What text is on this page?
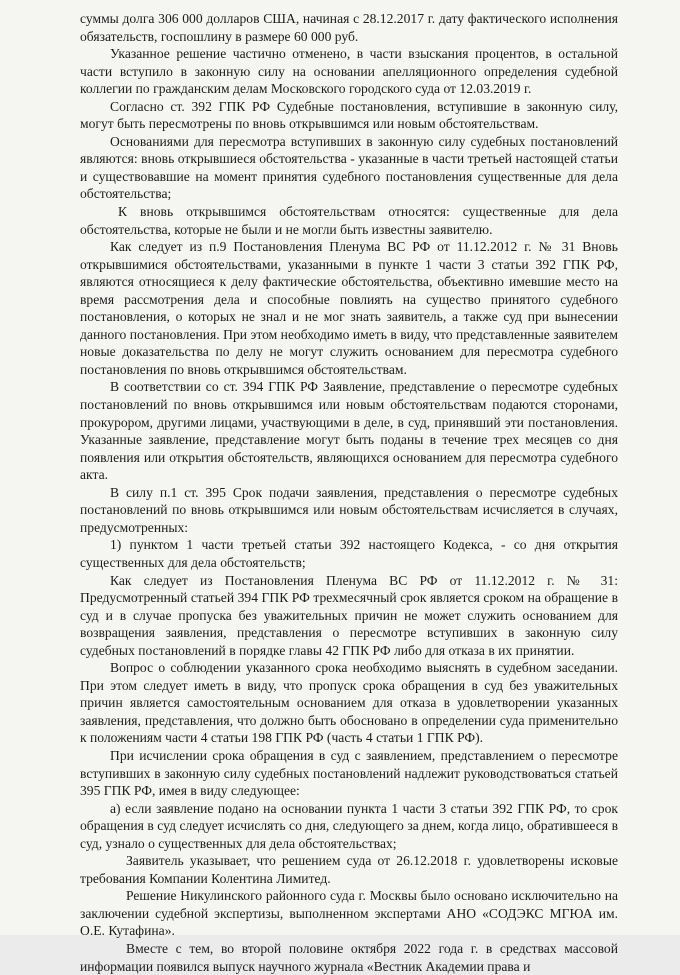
суммы долга 306 000 долларов США, начиная с 28.12.2017 г. дату фактического исполнения обязательств, госпошлину в размере 60 000 руб.

Указанное решение частично отменено, в части взыскания процентов, в остальной части вступило в законную силу на основании апелляционного определения судебной коллегии по гражданским делам Московского городского суда от 12.03.2019 г.

Согласно ст. 392 ГПК РФ Судебные постановления, вступившие в законную силу, могут быть пересмотрены по вновь открывшимся или новым обстоятельствам.

Основаниями для пересмотра вступивших в законную силу судебных постановлений являются: вновь открывшиеся обстоятельства - указанные в части третьей настоящей статьи и существовавшие на момент принятия судебного постановления существенные для дела обстоятельства;

К вновь открывшимся обстоятельствам относятся: существенные для дела обстоятельства, которые не были и не могли быть известны заявителю.

Как следует из п.9 Постановления Пленума ВС РФ от 11.12.2012 г. № 31 Вновь открывшимися обстоятельствами, указанными в пункте 1 части 3 статьи 392 ГПК РФ, являются относящиеся к делу фактические обстоятельства, объективно имевшие место на время рассмотрения дела и способные повлиять на существо принятого судебного постановления, о которых не знал и не мог знать заявитель, а также суд при вынесении данного постановления. При этом необходимо иметь в виду, что представленные заявителем новые доказательства по делу не могут служить основанием для пересмотра судебного постановления по вновь открывшимся обстоятельствам.

В соответствии со ст. 394 ГПК РФ Заявление, представление о пересмотре судебных постановлений по вновь открывшимся или новым обстоятельствам подаются сторонами, прокурором, другими лицами, участвующими в деле, в суд, принявший эти постановления. Указанные заявление, представление могут быть поданы в течение трех месяцев со дня появления или открытия обстоятельств, являющихся основанием для пересмотра судебного акта.

В силу п.1 ст. 395 Срок подачи заявления, представления о пересмотре судебных постановлений по вновь открывшимся или новым обстоятельствам исчисляется в случаях, предусмотренных:

1) пунктом 1 части третьей статьи 392 настоящего Кодекса, - со дня открытия существенных для дела обстоятельств;

Как следует из Постановления Пленума ВС РФ от 11.12.2012 г. № 31: Предусмотренный статьей 394 ГПК РФ трехмесячный срок является сроком на обращение в суд и в случае пропуска без уважительных причин не может служить основанием для возвращения заявления, представления о пересмотре вступивших в законную силу судебных постановлений в порядке главы 42 ГПК РФ либо для отказа в их принятии.

Вопрос о соблюдении указанного срока необходимо выяснять в судебном заседании. При этом следует иметь в виду, что пропуск срока обращения в суд без уважительных причин является самостоятельным основанием для отказа в удовлетворении указанных заявления, представления, что должно быть обосновано в определении суда применительно к положениям части 4 статьи 198 ГПК РФ (часть 4 статьи 1 ГПК РФ).

При исчислении срока обращения в суд с заявлением, представлением о пересмотре вступивших в законную силу судебных постановлений надлежит руководствоваться статьей 395 ГПК РФ, имея в виду следующее:

а) если заявление подано на основании пункта 1 части 3 статьи 392 ГПК РФ, то срок обращения в суд следует исчислять со дня, следующего за днем, когда лицо, обратившееся в суд, узнало о существенных для дела обстоятельствах;

Заявитель указывает, что решением суда от 26.12.2018 г. удовлетворены исковые требования Компании Колентина Лимитед.

Решение Никулинского районного суда г. Москвы было основано исключительно на заключении судебной экспертизы, выполненном экспертами АНО «СОДЭКС МГЮА им. О.Е. Кутафина».

Вместе с тем, во второй половине октября 2022 года г. в средствах массовой информации появился выпуск научного журнала «Вестник Академии права и
